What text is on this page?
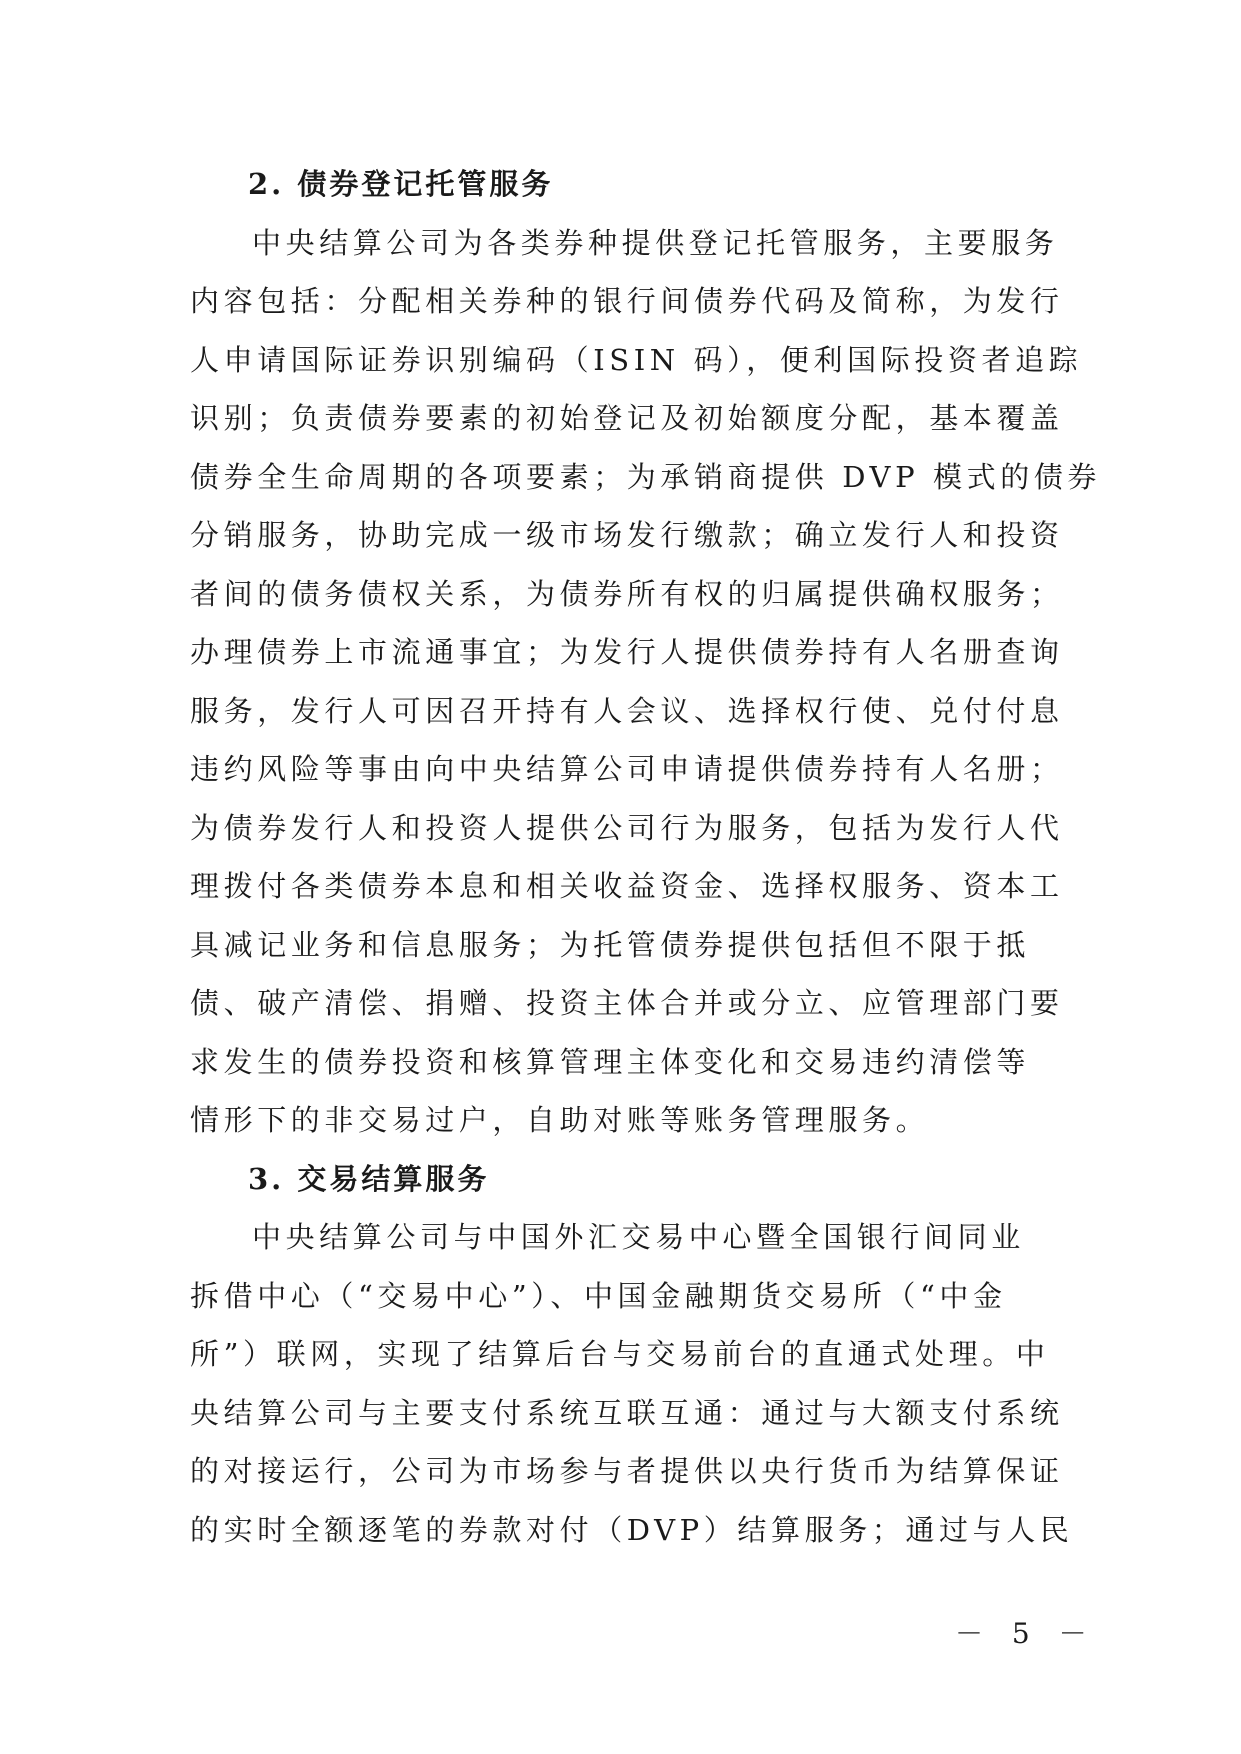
2. 债券登记托管服务
中央结算公司为各类券种提供登记托管服务，主要服务
内容包括：分配相关券种的银行间债券代码及简称，为发行
人申请国际证券识别编码（ISIN 码），便利国际投资者追踪
识别；负责债券要素的初始登记及初始额度分配，基本覆盖
债券全生命周期的各项要素；为承销商提供 DVP 模式的债券
分销服务，协助完成一级市场发行缴款；确立发行人和投资
者间的债务债权关系，为债券所有权的归属提供确权服务；
办理债券上市流通事宜；为发行人提供债券持有人名册查询
服务，发行人可因召开持有人会议、选择权行使、兑付付息
违约风险等事由向中央结算公司申请提供债券持有人名册；
为债券发行人和投资人提供公司行为服务，包括为发行人代
理拨付各类债券本息和相关收益资金、选择权服务、资本工
具减记业务和信息服务；为托管债券提供包括但不限于抵
债、破产清偿、捐赠、投资主体合并或分立、应管理部门要
求发生的债券投资和核算管理主体变化和交易违约清偿等
情形下的非交易过户，自助对账等账务管理服务。
3. 交易结算服务
中央结算公司与中国外汇交易中心暨全国银行间同业
拆借中心（“交易中心”）、中国金融期货交易所（“中金
所”）联网，实现了结算后台与交易前台的直通式处理。中
央结算公司与主要支付系统互联互通：通过与大额支付系统
的对接运行，公司为市场参与者提供以央行货币为结算保证
的实时全额逐笔的券款对付（DVP）结算服务；通过与人民
－ 5 －
